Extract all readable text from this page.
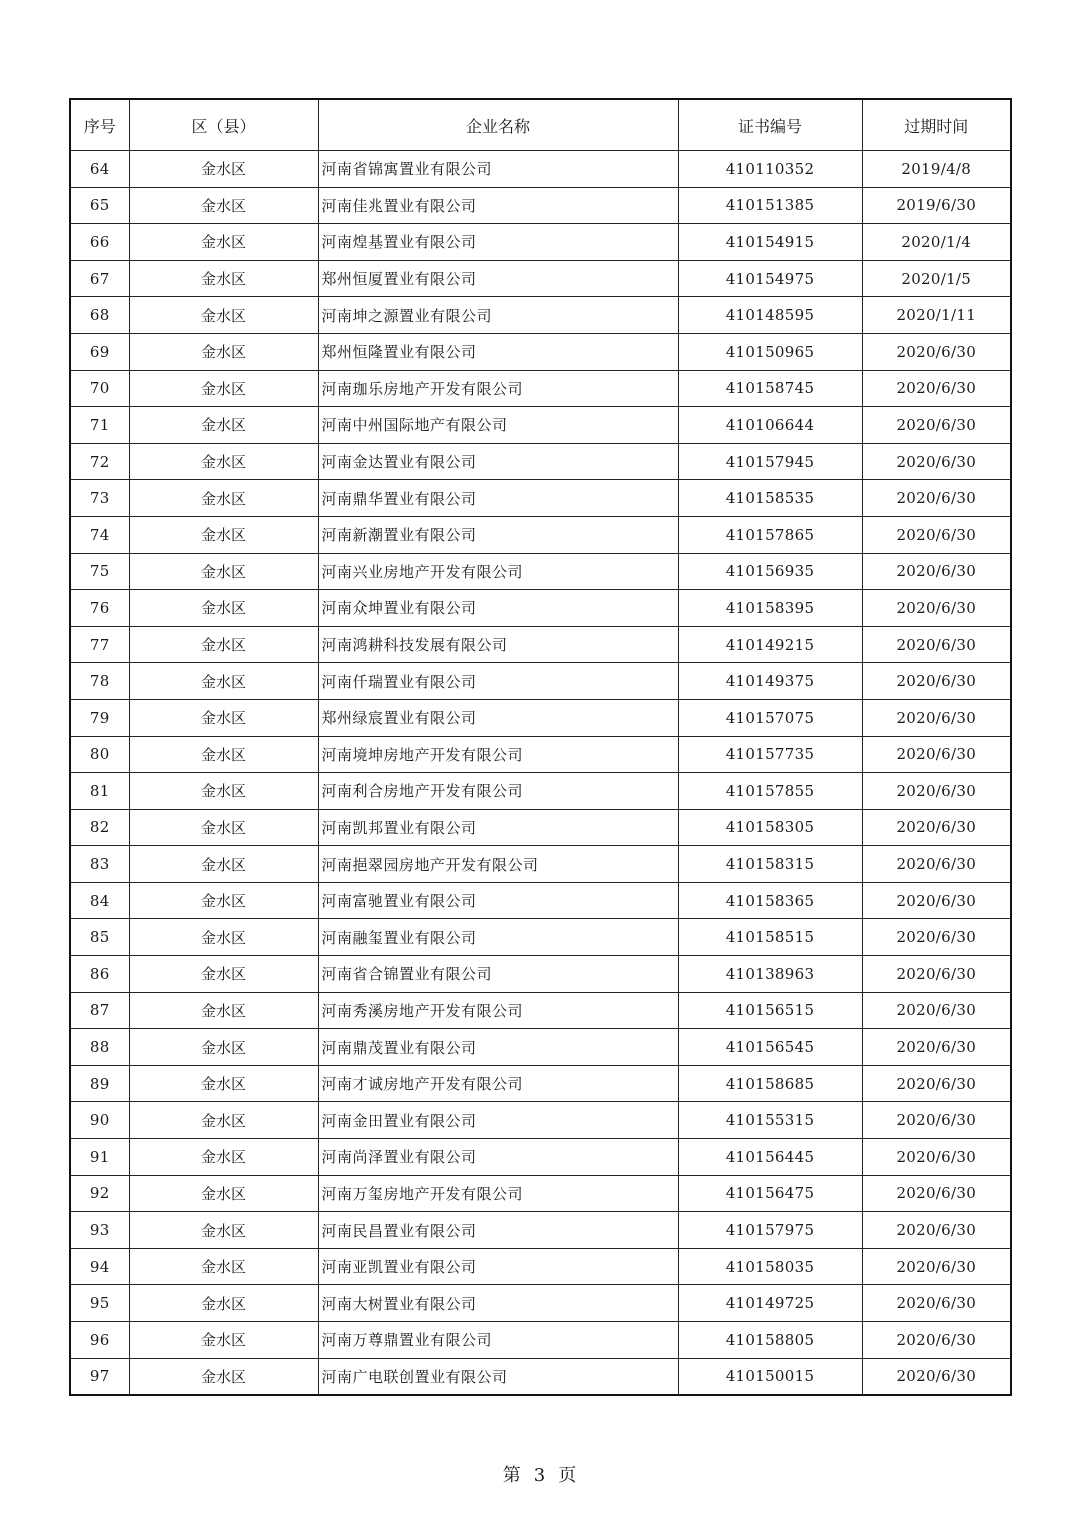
序号	区（县）	企业名称	证书编号	过期时间
64	金水区	河南省锦寓置业有限公司	410110352	2019/4/8
65	金水区	河南佳兆置业有限公司	410151385	2019/6/30
66	金水区	河南煌基置业有限公司	410154915	2020/1/4
67	金水区	郑州恒厦置业有限公司	410154975	2020/1/5
68	金水区	河南坤之源置业有限公司	410148595	2020/1/11
69	金水区	郑州恒隆置业有限公司	410150965	2020/6/30
70	金水区	河南珈乐房地产开发有限公司	410158745	2020/6/30
71	金水区	河南中州国际地产有限公司	410106644	2020/6/30
72	金水区	河南金达置业有限公司	410157945	2020/6/30
73	金水区	河南鼎华置业有限公司	410158535	2020/6/30
74	金水区	河南新潮置业有限公司	410157865	2020/6/30
75	金水区	河南兴业房地产开发有限公司	410156935	2020/6/30
76	金水区	河南众坤置业有限公司	410158395	2020/6/30
77	金水区	河南鸿耕科技发展有限公司	410149215	2020/6/30
78	金水区	河南仟瑞置业有限公司	410149375	2020/6/30
79	金水区	郑州绿宸置业有限公司	410157075	2020/6/30
80	金水区	河南境坤房地产开发有限公司	410157735	2020/6/30
81	金水区	河南利合房地产开发有限公司	410157855	2020/6/30
82	金水区	河南凯邦置业有限公司	410158305	2020/6/30
83	金水区	河南挹翠园房地产开发有限公司	410158315	2020/6/30
84	金水区	河南富驰置业有限公司	410158365	2020/6/30
85	金水区	河南融玺置业有限公司	410158515	2020/6/30
86	金水区	河南省合锦置业有限公司	410138963	2020/6/30
87	金水区	河南秀溪房地产开发有限公司	410156515	2020/6/30
88	金水区	河南鼎茂置业有限公司	410156545	2020/6/30
89	金水区	河南才诚房地产开发有限公司	410158685	2020/6/30
90	金水区	河南金田置业有限公司	410155315	2020/6/30
91	金水区	河南尚泽置业有限公司	410156445	2020/6/30
92	金水区	河南万玺房地产开发有限公司	410156475	2020/6/30
93	金水区	河南民昌置业有限公司	410157975	2020/6/30
94	金水区	河南亚凯置业有限公司	410158035	2020/6/30
95	金水区	河南大树置业有限公司	410149725	2020/6/30
96	金水区	河南万尊鼎置业有限公司	410158805	2020/6/30
97	金水区	河南广电联创置业有限公司	410150015	2020/6/30
第 3 页
